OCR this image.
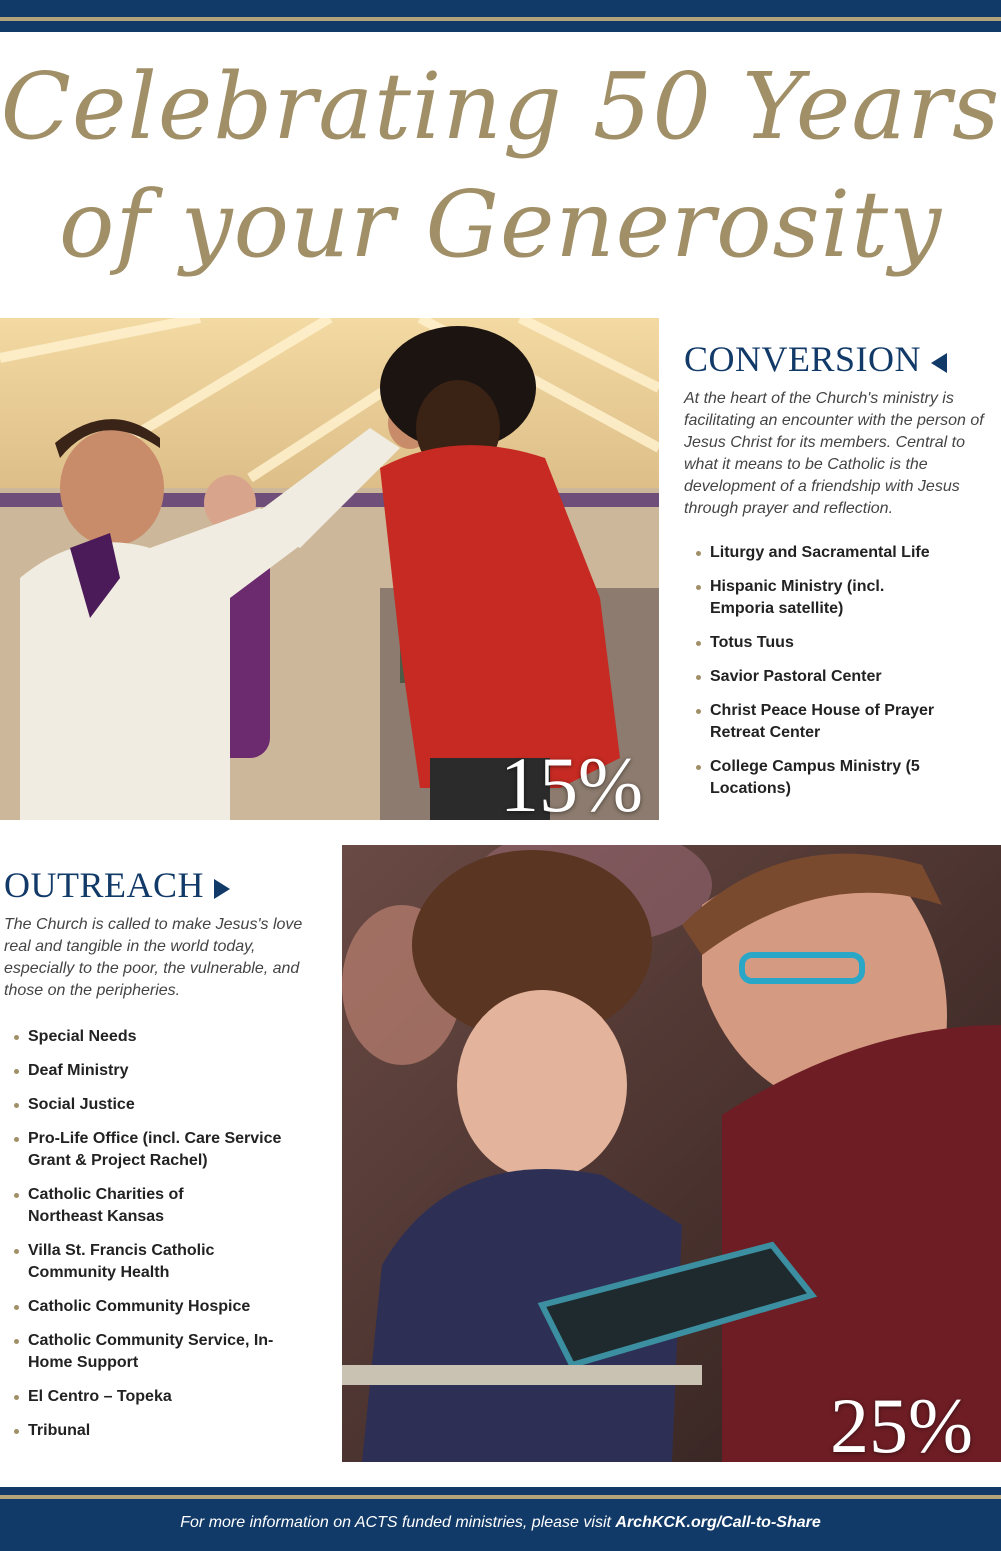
Celebrating 50 Years
of your Generosity
15%
CONVERSION
At the heart of the Church's ministry is facilitating an encounter with the person of Jesus Christ for its members. Central to what it means to be Catholic is the development of a friendship with Jesus through prayer and reflection.
Liturgy and Sacramental Life
Hispanic Ministry (incl. Emporia satellite)
Totus Tuus
Savior Pastoral Center
Christ Peace House of Prayer Retreat Center
College Campus Ministry (5 Locations)
OUTREACH
The Church is called to make Jesus's love real and tangible in the world today, especially to the poor, the vulnerable, and those on the peripheries.
Special Needs
Deaf Ministry
Social Justice
Pro-Life Office (incl. Care Service Grant & Project Rachel)
Catholic Charities of Northeast Kansas
Villa St. Francis Catholic Community Health
Catholic Community Hospice
Catholic Community Service, In-Home Support
El Centro – Topeka
Tribunal	25%
For more information on ACTS funded ministries, please visit ArchKCK.org/Call-to-Share
